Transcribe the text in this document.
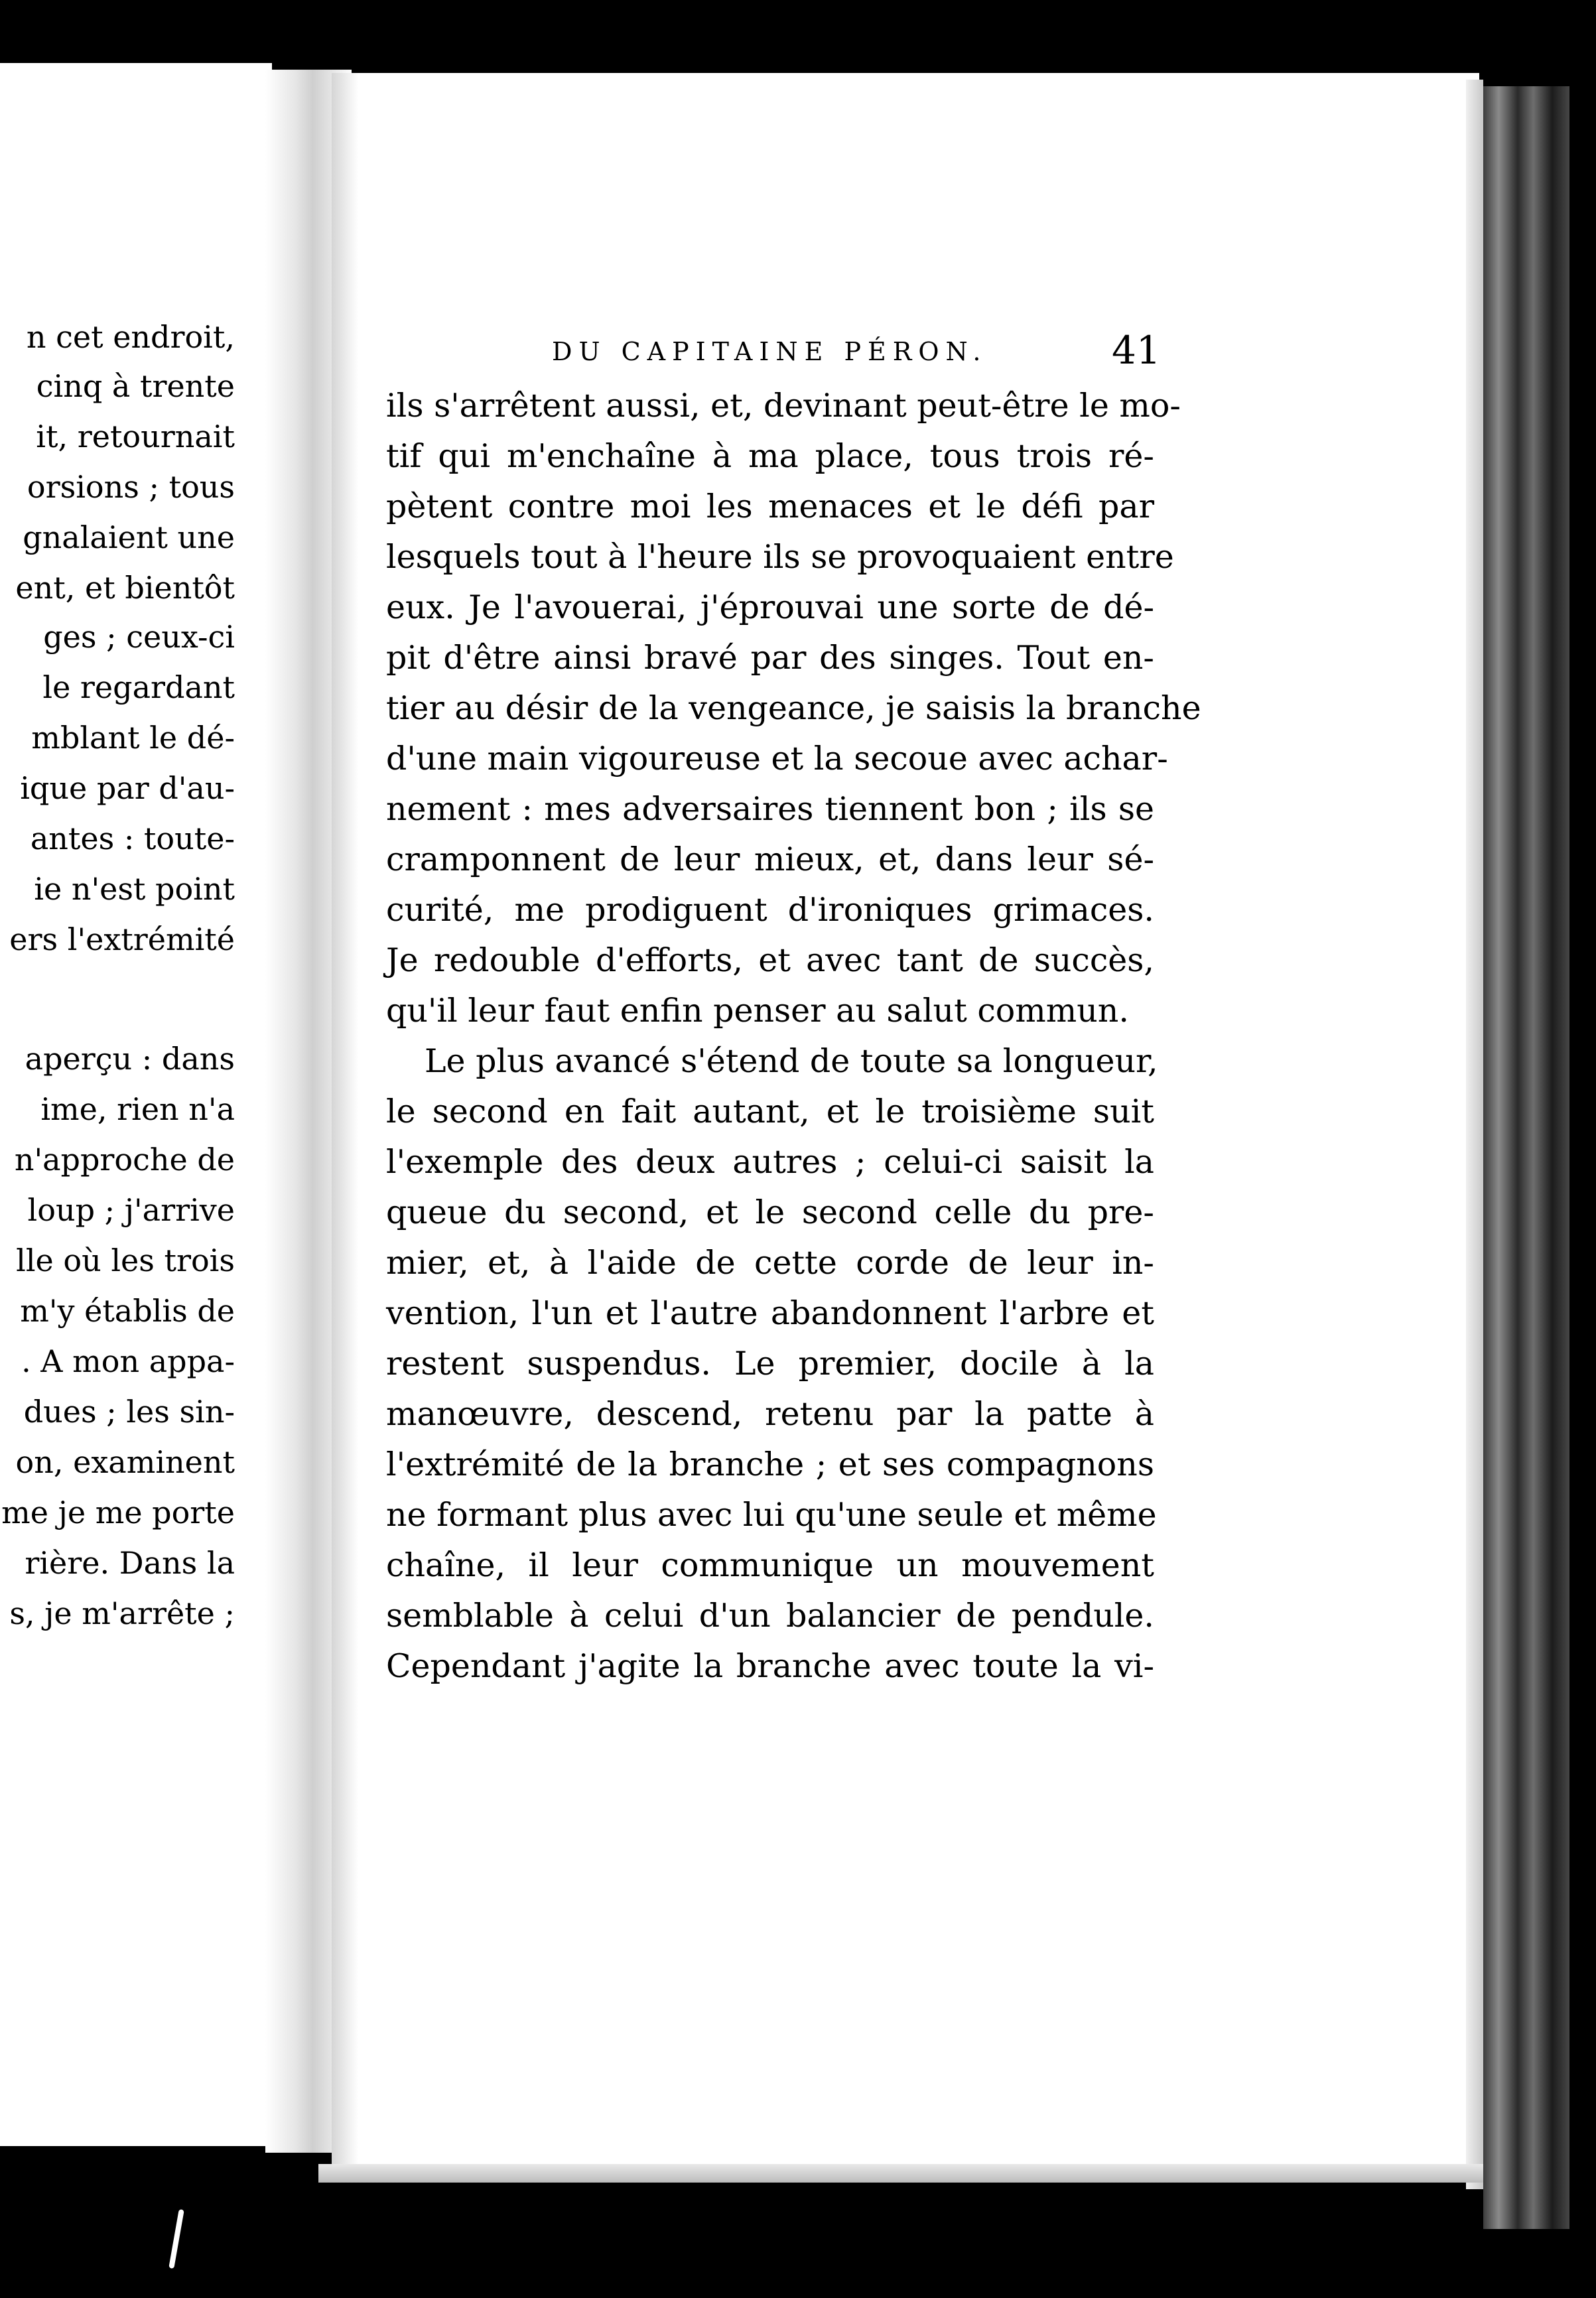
n cet endroit,
cinq à trente
it, retournait
orsions ; tous
gnalaient une
ent, et bientôt
ges ; ceux-ci
le regardant
mblant le dé-
ique par d'au-
antes : toute-
ie n'est point
ers l'extrémité
aperçu : dans
ime, rien n'a
n'approche de
loup ; j'arrive
lle où les trois
m'y établis de
. A mon appa-
dues ; les sin-
on, examinent
me je me porte
rière. Dans la
s, je m'arrête ;
DU CAPITAINE PÉRON.	41
ils s'arrêtent aussi, et, devinant peut-être le mo-
tif qui m'enchaîne à ma place, tous trois ré-
pètent contre moi les menaces et le défi par
lesquels tout à l'heure ils se provoquaient entre
eux. Je l'avouerai, j'éprouvai une sorte de dé-
pit d'être ainsi bravé par des singes. Tout en-
tier au désir de la vengeance, je saisis la branche
d'une main vigoureuse et la secoue avec achar-
nement : mes adversaires tiennent bon ; ils se
cramponnent de leur mieux, et, dans leur sé-
curité, me prodiguent d'ironiques grimaces.
Je redouble d'efforts, et avec tant de succès,
qu'il leur faut enfin penser au salut commun.
Le plus avancé s'étend de toute sa longueur,
le second en fait autant, et le troisième suit
l'exemple des deux autres ; celui-ci saisit la
queue du second, et le second celle du pre-
mier, et, à l'aide de cette corde de leur in-
vention, l'un et l'autre abandonnent l'arbre et
restent suspendus. Le premier, docile à la
manœuvre, descend, retenu par la patte à
l'extrémité de la branche ; et ses compagnons
ne formant plus avec lui qu'une seule et même
chaîne, il leur communique un mouvement
semblable à celui d'un balancier de pendule.
Cependant j'agite la branche avec toute la vi-
